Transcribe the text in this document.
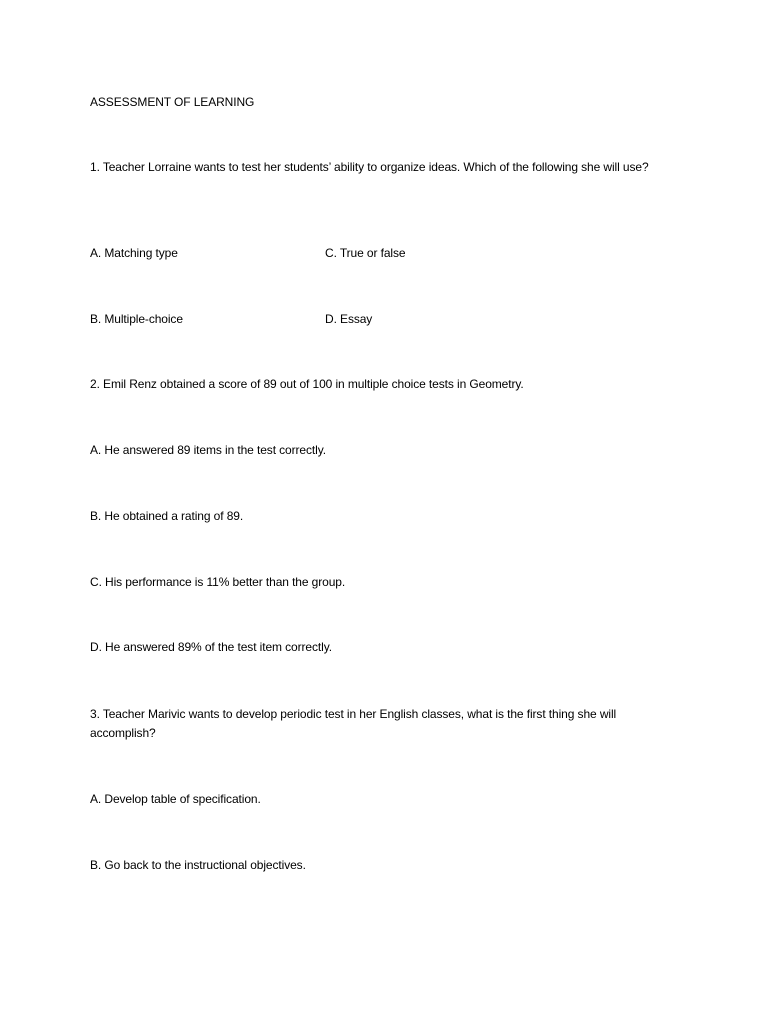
ASSESSMENT OF LEARNING
1. Teacher Lorraine wants to test her students’ ability to organize ideas. Which of the following she will use?
A. Matching type	C. True or false
B. Multiple-choice	D. Essay
2. Emil Renz obtained a score of 89 out of 100 in multiple choice tests in Geometry.
A. He answered 89 items in the test correctly.
B. He obtained a rating of 89.
C. His performance is 11% better than the group.
D. He answered 89% of the test item correctly.
3. Teacher Marivic wants to develop periodic test in her English classes, what is the first thing she will accomplish?
A. Develop table of specification.
B. Go back to the instructional objectives.
